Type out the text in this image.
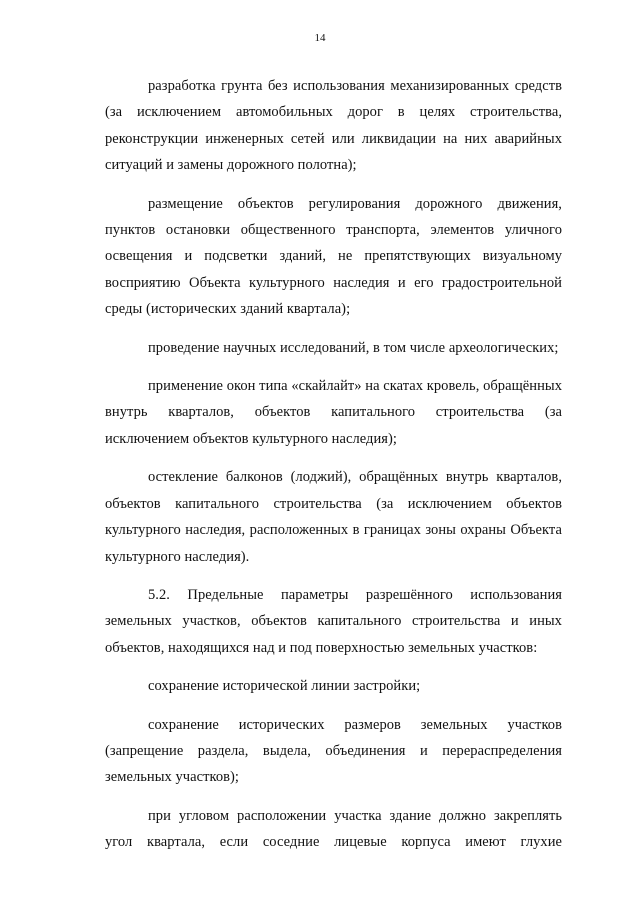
14

разработка грунта без использования механизированных средств (за исключением автомобильных дорог в целях строительства, реконструкции инженерных сетей или ликвидации на них аварийных ситуаций и замены дорожного полотна);

размещение объектов регулирования дорожного движения, пунктов остановки общественного транспорта, элементов уличного освещения и подсветки зданий, не препятствующих визуальному восприятию Объекта культурного наследия и его градостроительной среды (исторических зданий квартала);

проведение научных исследований, в том числе археологических;

применение окон типа «скайлайт» на скатах кровель, обращённых внутрь кварталов, объектов капитального строительства (за исключением объектов культурного наследия);

остекление балконов (лоджий), обращённых внутрь кварталов, объектов капитального строительства (за исключением объектов культурного наследия, расположенных в границах зоны охраны Объекта культурного наследия).

5.2. Предельные параметры разрешённого использования земельных участков, объектов капитального строительства и иных объектов, находящихся над и под поверхностью земельных участков:

сохранение исторической линии застройки;

сохранение исторических размеров земельных участков (запрещение раздела, выдела, объединения и перераспределения земельных участков);

при угловом расположении участка здание должно закреплять угол квартала, если соседние лицевые корпуса имеют глухие
